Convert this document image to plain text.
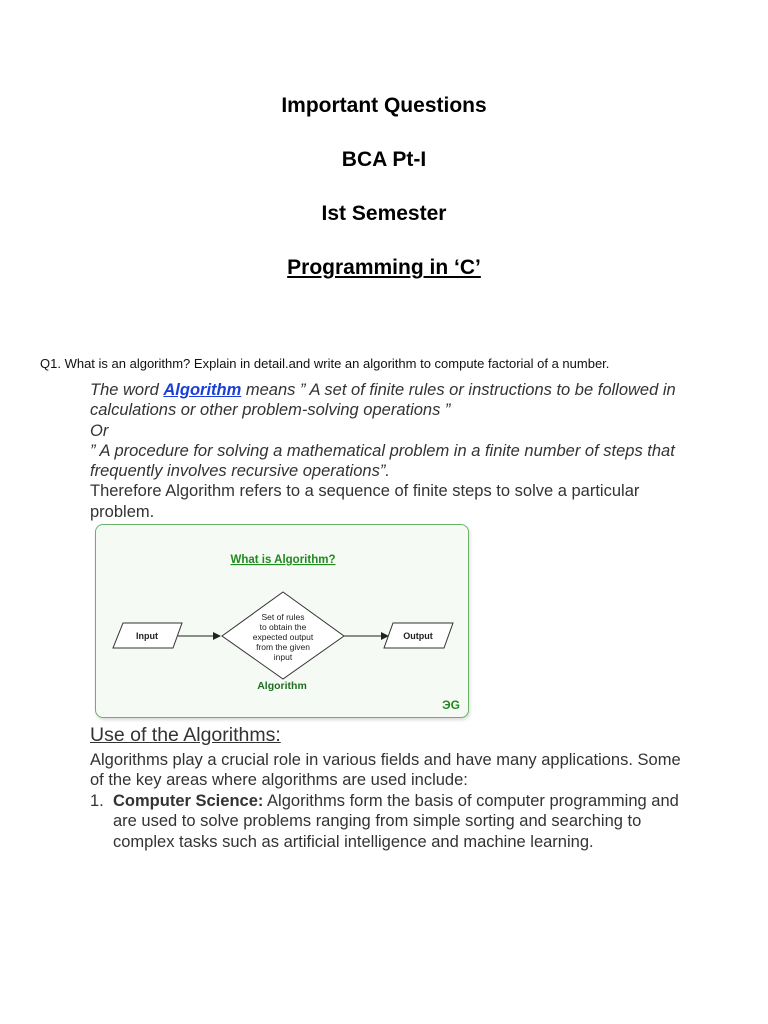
Important Questions
BCA Pt-I
Ist Semester
Programming in ‘C’
Q1. What is an algorithm? Explain in detail.and write an algorithm to compute factorial of a number.
The word Algorithm means ” A set of finite rules or instructions to be followed in calculations or other problem-solving operations ”
Or
” A procedure for solving a mathematical problem in a finite number of steps that frequently involves recursive operations”.
Therefore Algorithm refers to a sequence of finite steps to solve a particular problem.
What is Algorithm?
Input
Set of rules
to obtain the
expected output
from the given
input
Output
Algorithm
ЭG
Use of the Algorithms:
Algorithms play a crucial role in various fields and have many applications. Some of the key areas where algorithms are used include:
1. Computer Science: Algorithms form the basis of computer programming and are used to solve problems ranging from simple sorting and searching to complex tasks such as artificial intelligence and machine learning.
